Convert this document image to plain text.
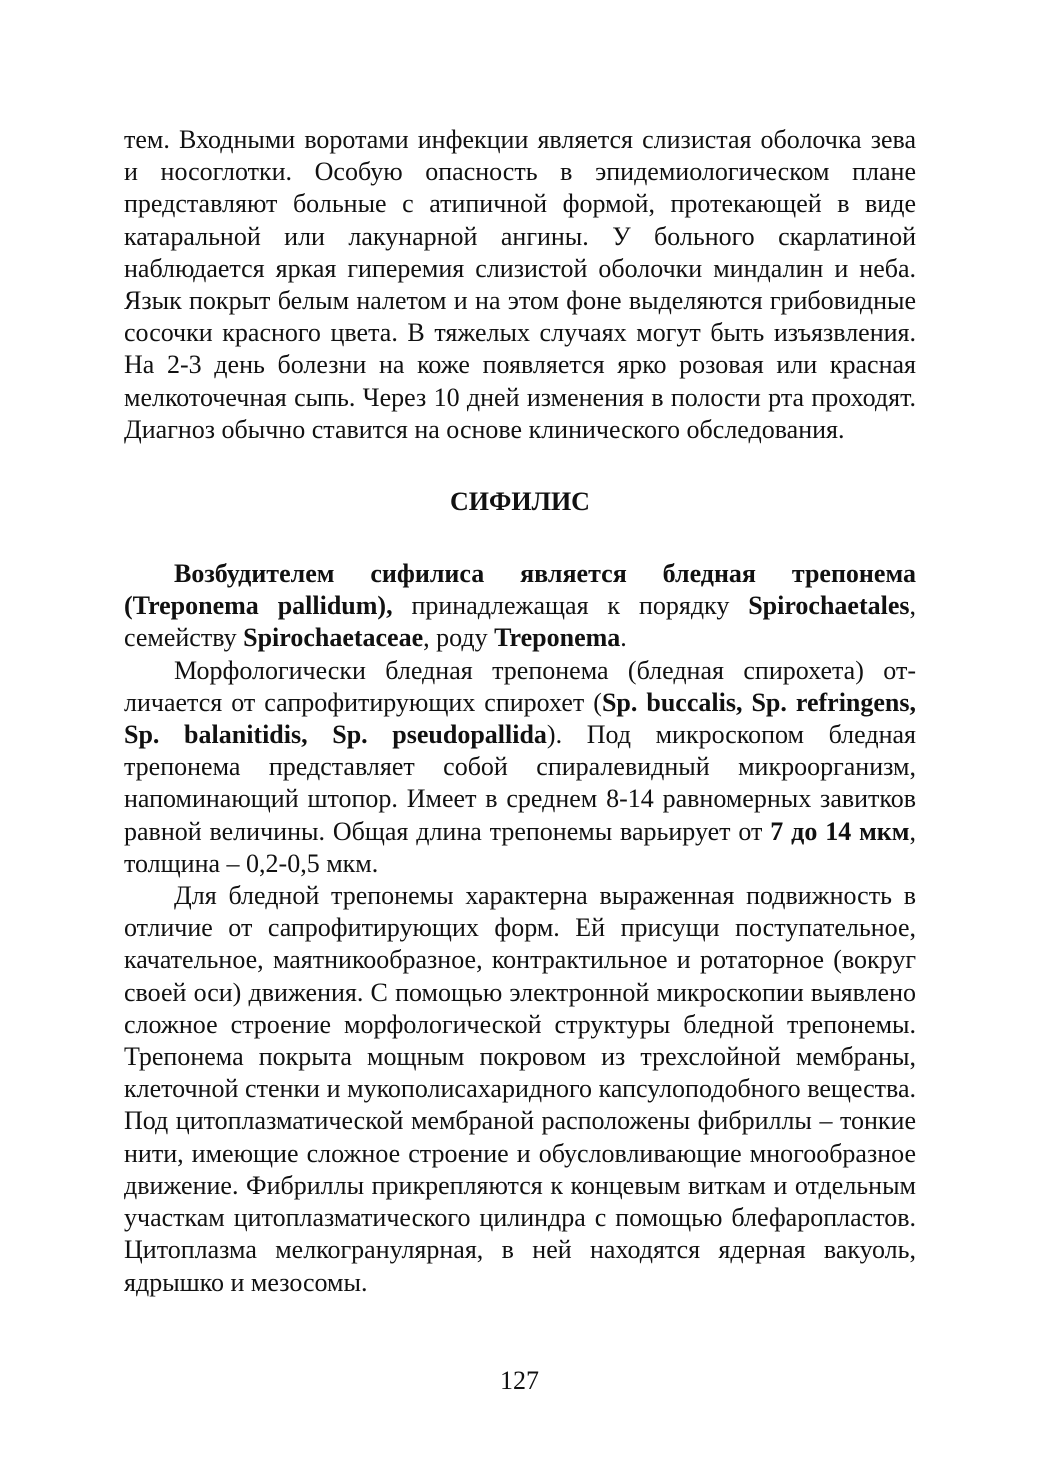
тем. Входными воротами инфекции является слизистая оболочка зева и носоглотки. Особую опасность в эпидемиологическом плане представляют больные с атипичной формой, протекающей в виде катаральной или лакунарной ангины. У больного скарлатиной наблюдается яркая гиперемия слизистой оболочки миндалин и неба. Язык покрыт белым налетом и на этом фоне выделяются грибовидные сосочки красного цвета. В тяжелых случаях могут быть изъязвления. На 2-3 день болезни на коже появляется ярко розовая или красная мелкоточечная сыпь. Через 10 дней изменения в полости рта проходят. Диагноз обычно ставится на основе клинического обследования.

СИФИЛИС

Возбудителем сифилиса является бледная трепонема (Treponema pallidum), принадлежащая к порядку Spirochaetales, семейству Spirochaetaceae, роду Treponema.

Морфологически бледная трепонема (бледная спирохета) отличается от сапрофитирующих спирохет (Sp. buccalis, Sp. refringens, Sp. balanitidis, Sp. pseudopallida). Под микроскопом бледная трепонема представляет собой спиралевидный микроорганизм, напоминающий штопор. Имеет в среднем 8-14 равномерных завитков равной величины. Общая длина трепонемы варьирует от 7 до 14 мкм, толщина – 0,2-0,5 мкм.

Для бледной трепонемы характерна выраженная подвижность в отличие от сапрофитирующих форм. Ей присущи поступательное, качательное, маятникообразное, контрактильное и ротаторное (вокруг своей оси) движения. С помощью электронной микроскопии выявлено сложное строение морфологической структуры бледной трепонемы. Трепонема покрыта мощным покровом из трехслойной мембраны, клеточной стенки и мукополисахаридного капсулоподобного вещества. Под цитоплазматической мембраной расположены фибриллы – тонкие нити, имеющие сложное строение и обусловливающие многообразное движение. Фибриллы прикрепляются к концевым виткам и отдельным участкам цитоплазматического цилиндра с помощью блефаропластов. Цитоплазма мелкогранулярная, в ней находятся ядерная вакуоль, ядрышко и мезосомы.

127
